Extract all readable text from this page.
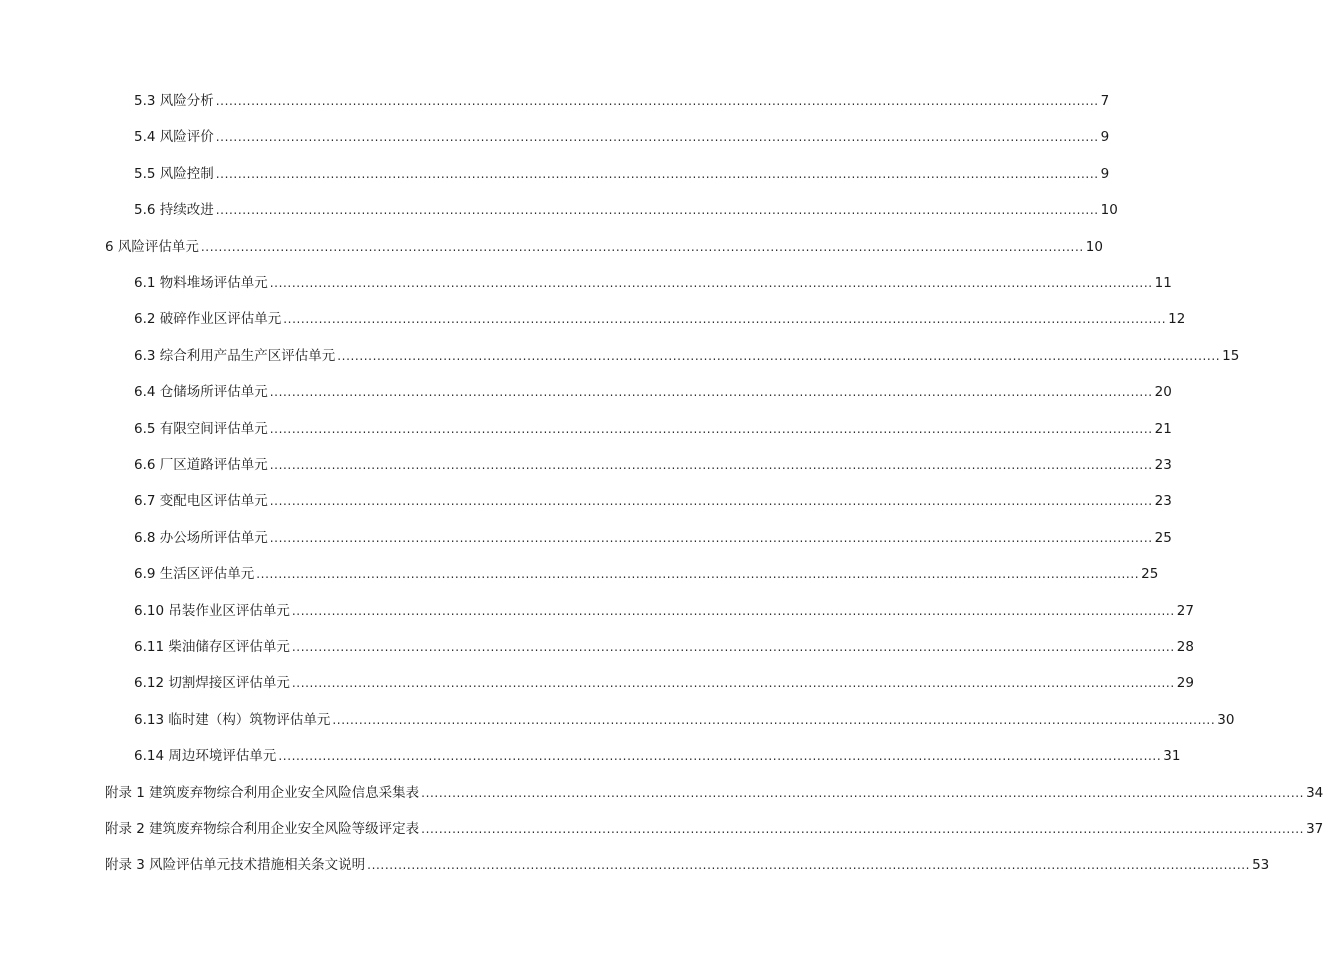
5.3 风险分析 ........................................................................................................................................................................................................ 7
5.4 风险评价 ........................................................................................................................................................................................................ 9
5.5 风险控制 ........................................................................................................................................................................................................ 9
5.6 持续改进 ........................................................................................................................................................................................................ 10
6 风险评估单元 ........................................................................................................................................................................................................ 10
6.1 物料堆场评估单元 ........................................................................................................................................................................................................ 11
6.2 破碎作业区评估单元 ........................................................................................................................................................................................................ 12
6.3 综合利用产品生产区评估单元 ........................................................................................................................................................................................................ 15
6.4 仓储场所评估单元 ........................................................................................................................................................................................................ 20
6.5 有限空间评估单元 ........................................................................................................................................................................................................ 21
6.6 厂区道路评估单元 ........................................................................................................................................................................................................ 23
6.7 变配电区评估单元 ........................................................................................................................................................................................................ 23
6.8 办公场所评估单元 ........................................................................................................................................................................................................ 25
6.9 生活区评估单元 ........................................................................................................................................................................................................ 25
6.10 吊装作业区评估单元 ........................................................................................................................................................................................................ 27
6.11 柴油储存区评估单元 ........................................................................................................................................................................................................ 28
6.12 切割焊接区评估单元 ........................................................................................................................................................................................................ 29
6.13 临时建（构）筑物评估单元 ........................................................................................................................................................................................................ 30
6.14 周边环境评估单元 ........................................................................................................................................................................................................ 31
附录 1 建筑废弃物综合利用企业安全风险信息采集表 ........................................................................................................................................................................................................ 34
附录 2 建筑废弃物综合利用企业安全风险等级评定表 ........................................................................................................................................................................................................ 37
附录 3 风险评估单元技术措施相关条文说明 ........................................................................................................................................................................................................ 53
